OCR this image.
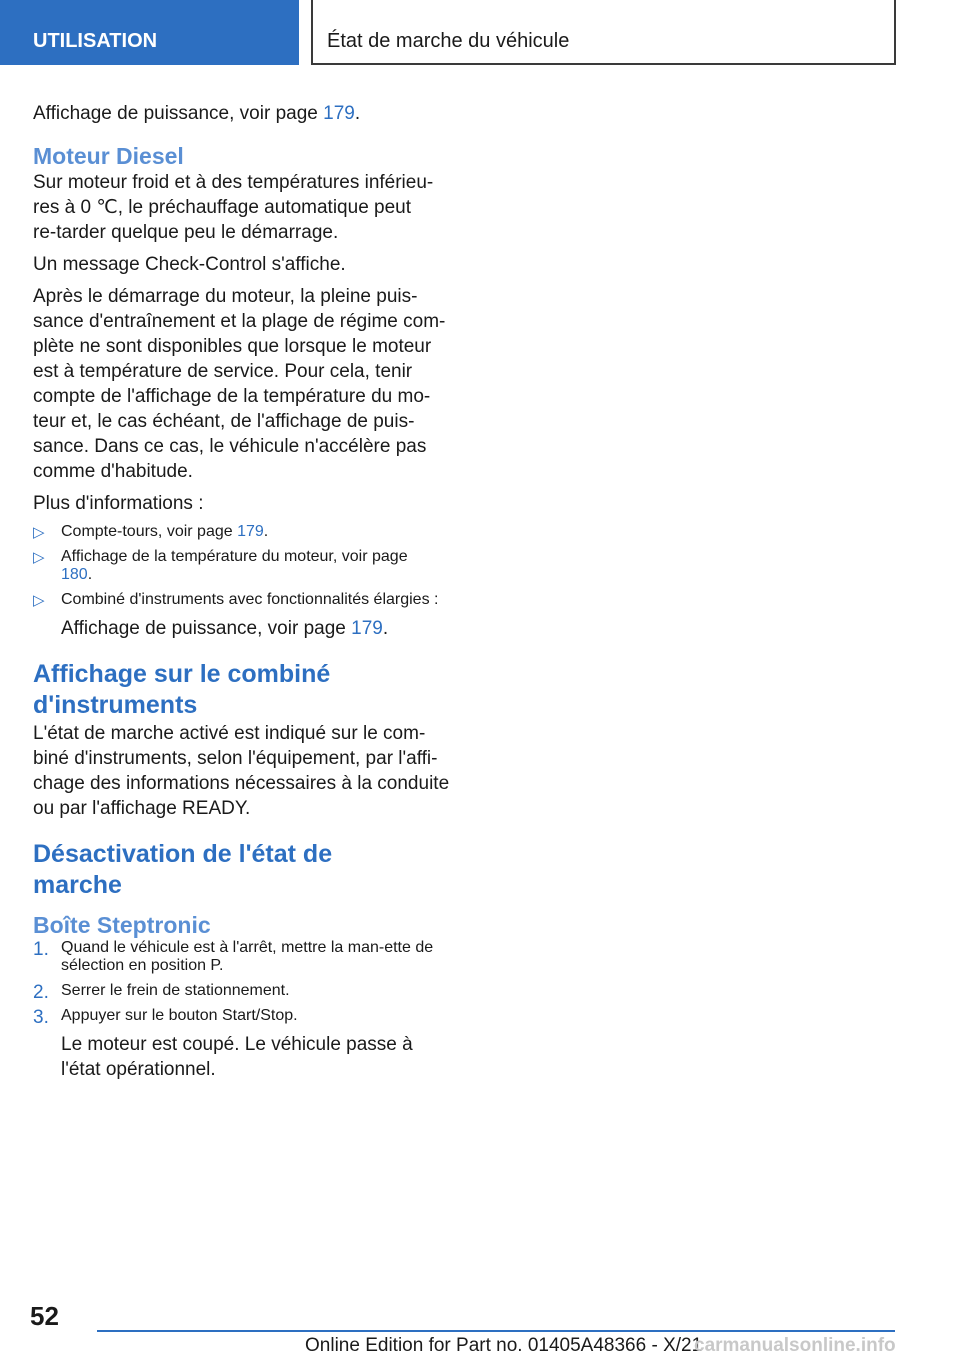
UTILISATION	État de marche du véhicule

Affichage de puissance, voir page 179.

Moteur Diesel

Sur moteur froid et à des températures inférieu-res à 0 ℃, le préchauffage automatique peut re-tarder quelque peu le démarrage.

Un message Check-Control s'affiche.

Après le démarrage du moteur, la pleine puis-sance d'entraînement et la plage de régime com-plète ne sont disponibles que lorsque le moteur est à température de service. Pour cela, tenir compte de l'affichage de la température du mo-teur et, le cas échéant, de l'affichage de puis-sance. Dans ce cas, le véhicule n'accélère pas comme d'habitude.

Plus d'informations :

▷ Compte-tours, voir page 179.
▷ Affichage de la température du moteur, voir page 180.
▷ Combiné d'instruments avec fonctionnalités élargies :

Affichage de puissance, voir page 179.

Affichage sur le combiné d'instruments

L'état de marche activé est indiqué sur le com-biné d'instruments, selon l'équipement, par l'affi-chage des informations nécessaires à la conduite ou par l'affichage READY.

Désactivation de l'état de marche
Boîte Steptronic
1. Quand le véhicule est à l'arrêt, mettre la man-ette de sélection en position P.
2. Serrer le frein de stationnement.
3. Appuyer sur le bouton Start/Stop.

Le moteur est coupé. Le véhicule passe à l'état opérationnel.

52
Online Edition for Part no. 01405A48366 - X/21
carmanualsonline.info
